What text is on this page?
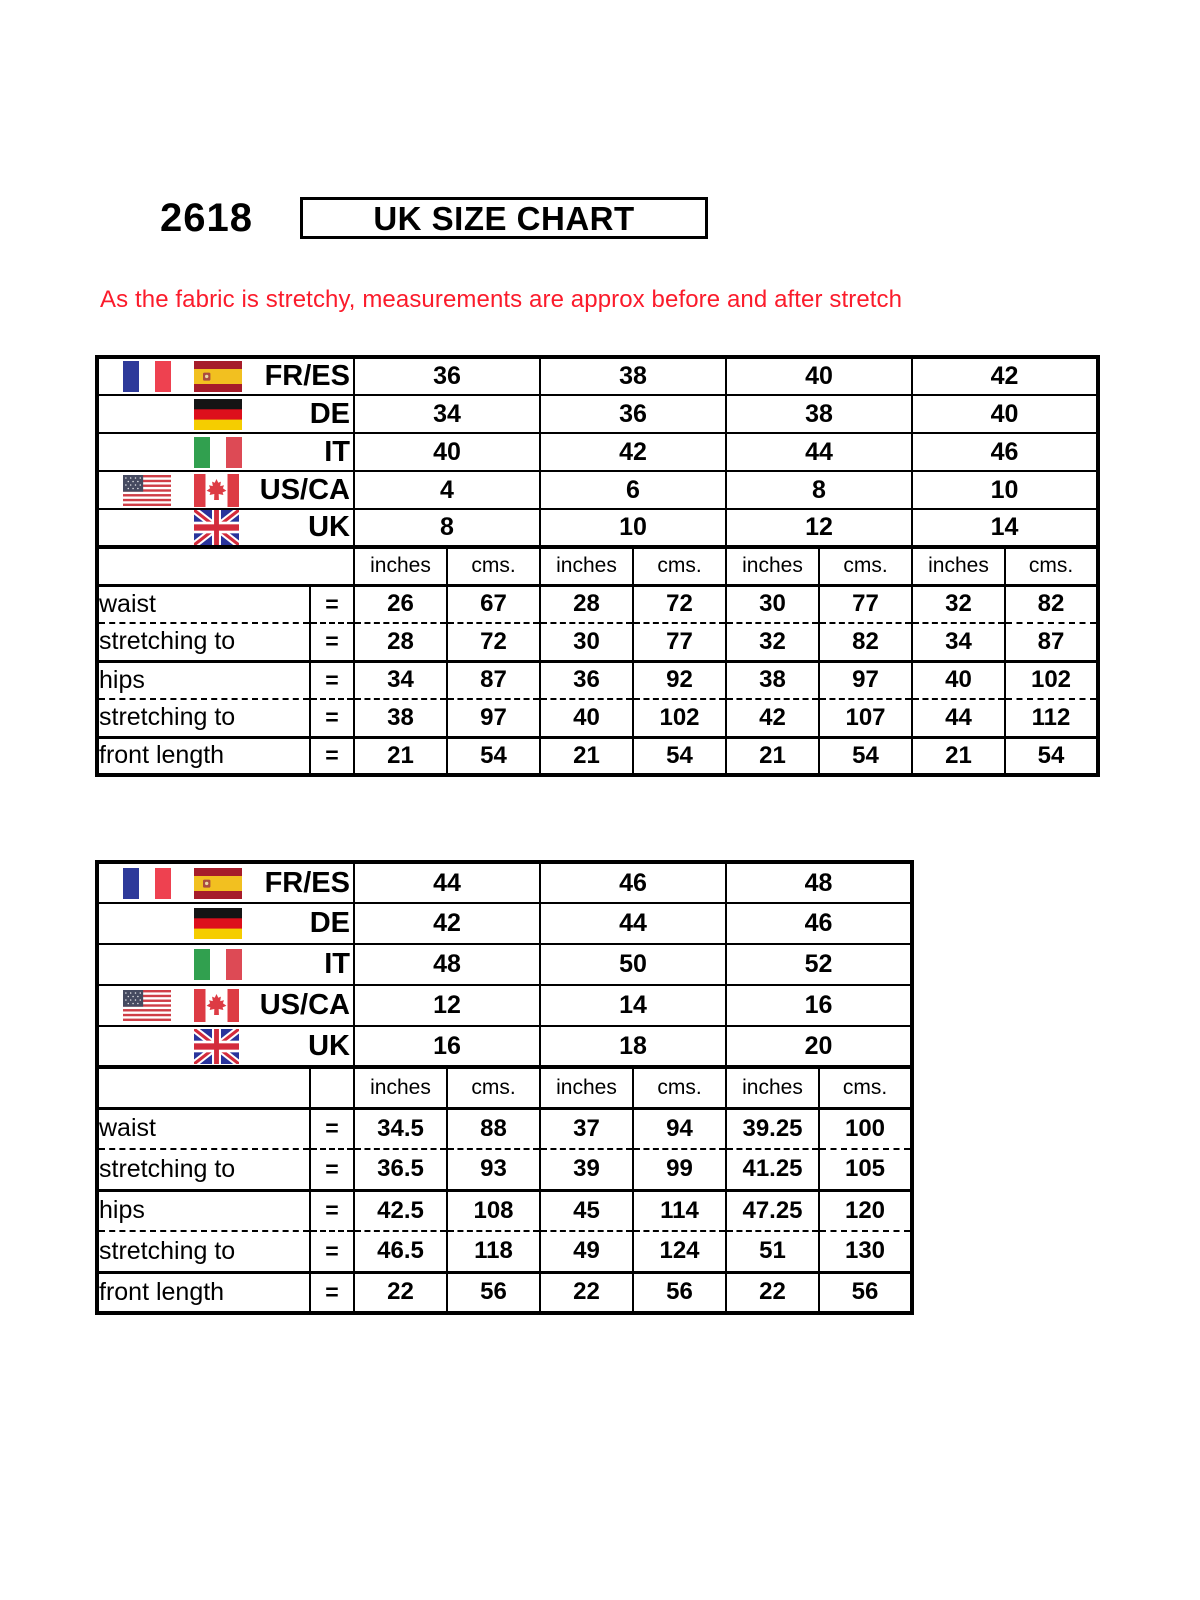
2618	UK SIZE CHART

As the fabric is stretchy, measurements are approx before and after stretch

FR/ES		36		38		40		42	

DE		34		36		38		40	

IT		40		42		44		46	

US/CA		4		6		8		10	

UK		8		10		12		14	
		inches	cms.	inches	cms.	inches	cms.	inches	cms.
waist	=	26	67	28	72	30	77	32	82
stretching to	=	28	72	30	77	32	82	34	87
hips	=	34	87	36	92	38	97	40	102
stretching to	=	38	97	40	102	42	107	44	112
front length	=	21	54	21	54	21	54	21	54
FR/ES		44		46		48	

DE		42		44		46	

IT		48		50		52	

US/CA		12		14		16	

UK		16		18		20	
		inches	cms.	inches	cms.	inches	cms.
waist	=	34.5	88	37	94	39.25	100
stretching to	=	36.5	93	39	99	41.25	105
hips	=	42.5	108	45	114	47.25	120
stretching to	=	46.5	118	49	124	51	130
front length	=	22	56	22	56	22	56
